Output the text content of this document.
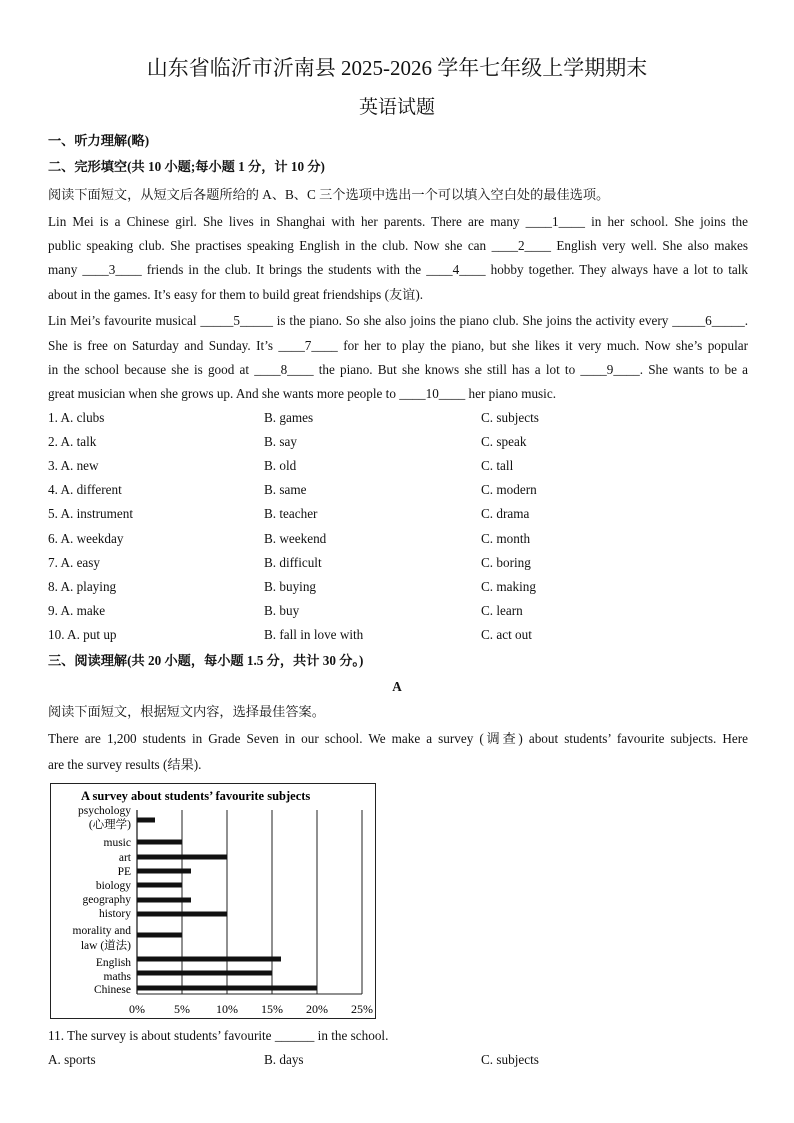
山东省临沂市沂南县 2025-2026 学年七年级上学期期末
英语试题
一、听力理解(略)
二、完形填空(共 10 小题;每小题 1 分，计 10 分)
阅读下面短文，从短文后各题所给的 A、B、C 三个选项中选出一个可以填入空白处的最佳选项。
Lin Mei is a Chinese girl. She lives in Shanghai with her parents. There are many ____1____ in her school. She joins the
public speaking club. She practises speaking English in the club. Now she can ____2____ English very well. She also makes
many ____3____ friends in the club. It brings the students with the ____4____ hobby together. They always have a lot to talk
about in the games. It’s easy for them to build great friendships (友谊).
Lin Mei’s favourite musical _____5_____ is the piano. So she also joins the piano club. She joins the activity every _____6_____.
She is free on Saturday and Sunday. It’s ____7____ for her to play the piano, but she likes it very much. Now she’s popular
in the school because she is good at ____8____ the piano. But she knows she still has a lot to ____9____. She wants to be a
great musician when she grows up. And she wants more people to ____10____ her piano music.
1. A. clubs	B. games	C. subjects
2. A. talk	B. say	C. speak
3. A. new	B. old	C. tall
4. A. different	B. same	C. modern
5. A. instrument	B. teacher	C. drama
6. A. weekday	B. weekend	C. month
7. A. easy	B. difficult	C. boring
8. A. playing	B. buying	C. making
9. A. make	B. buy	C. learn
10. A. put up	B. fall in love with	C. act out
三、阅读理解(共 20 小题，每小题 1.5 分，共计 30 分。)
A
阅读下面短文，根据短文内容，选择最佳答案。
There are 1,200 students in Grade Seven in our school. We make a survey (调查) about students’ favourite subjects. Here
are the survey results (结果).
A survey about students’ favourite subjects
0% 5% 10% 15% 20% 25%
psychology
(心理学)
music
art
PE
biology
geography
history
morality and
law (道法)
English
maths
Chinese
11. The survey is about students’ favourite ______ in the school.
A. sports	B. days	C. subjects
